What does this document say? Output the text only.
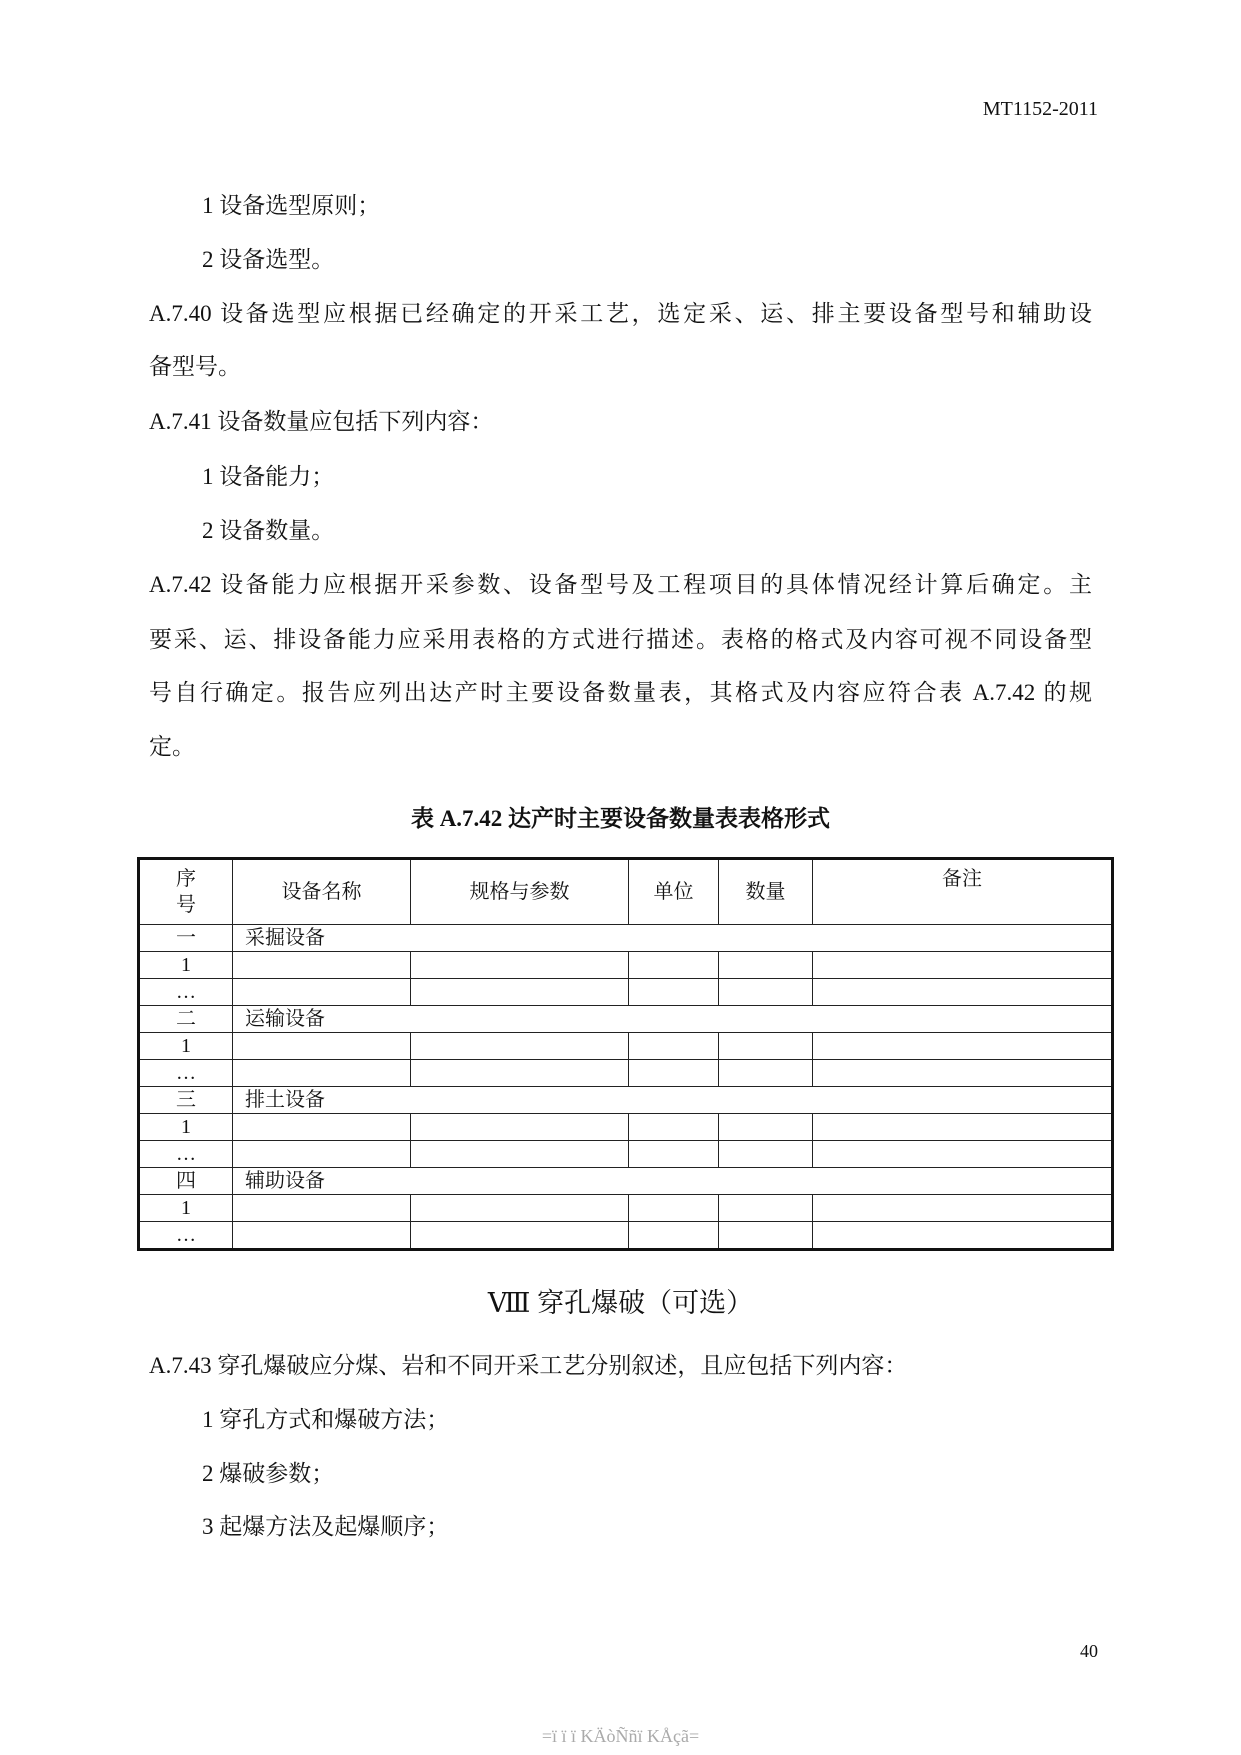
MT1152-2011
1 设备选型原则；
2 设备选型。
A.7.40 设备选型应根据已经确定的开采工艺，选定采、运、排主要设备型号和辅助设
备型号。
A.7.41 设备数量应包括下列内容：
1 设备能力；
2 设备数量。
A.7.42 设备能力应根据开采参数、设备型号及工程项目的具体情况经计算后确定。主
要采、运、排设备能力应采用表格的方式进行描述。表格的格式及内容可视不同设备型
号自行确定。报告应列出达产时主要设备数量表，其格式及内容应符合表 A.7.42 的规
定。
表 A.7.42 达产时主要设备数量表表格形式
序号	设备名称	规格与参数	单位	数量	备注
一	采掘设备				
1					
…					
二	运输设备				
1					
…					
三	排土设备				
1					
…					
四	辅助设备				
1					
…					
Ⅷ 穿孔爆破（可选）
A.7.43 穿孔爆破应分煤、岩和不同开采工艺分别叙述，且应包括下列内容：
1 穿孔方式和爆破方法；
2 爆破参数；
3 起爆方法及起爆顺序；
40
=ï ï ï KÄòÑñï KÅçã=
